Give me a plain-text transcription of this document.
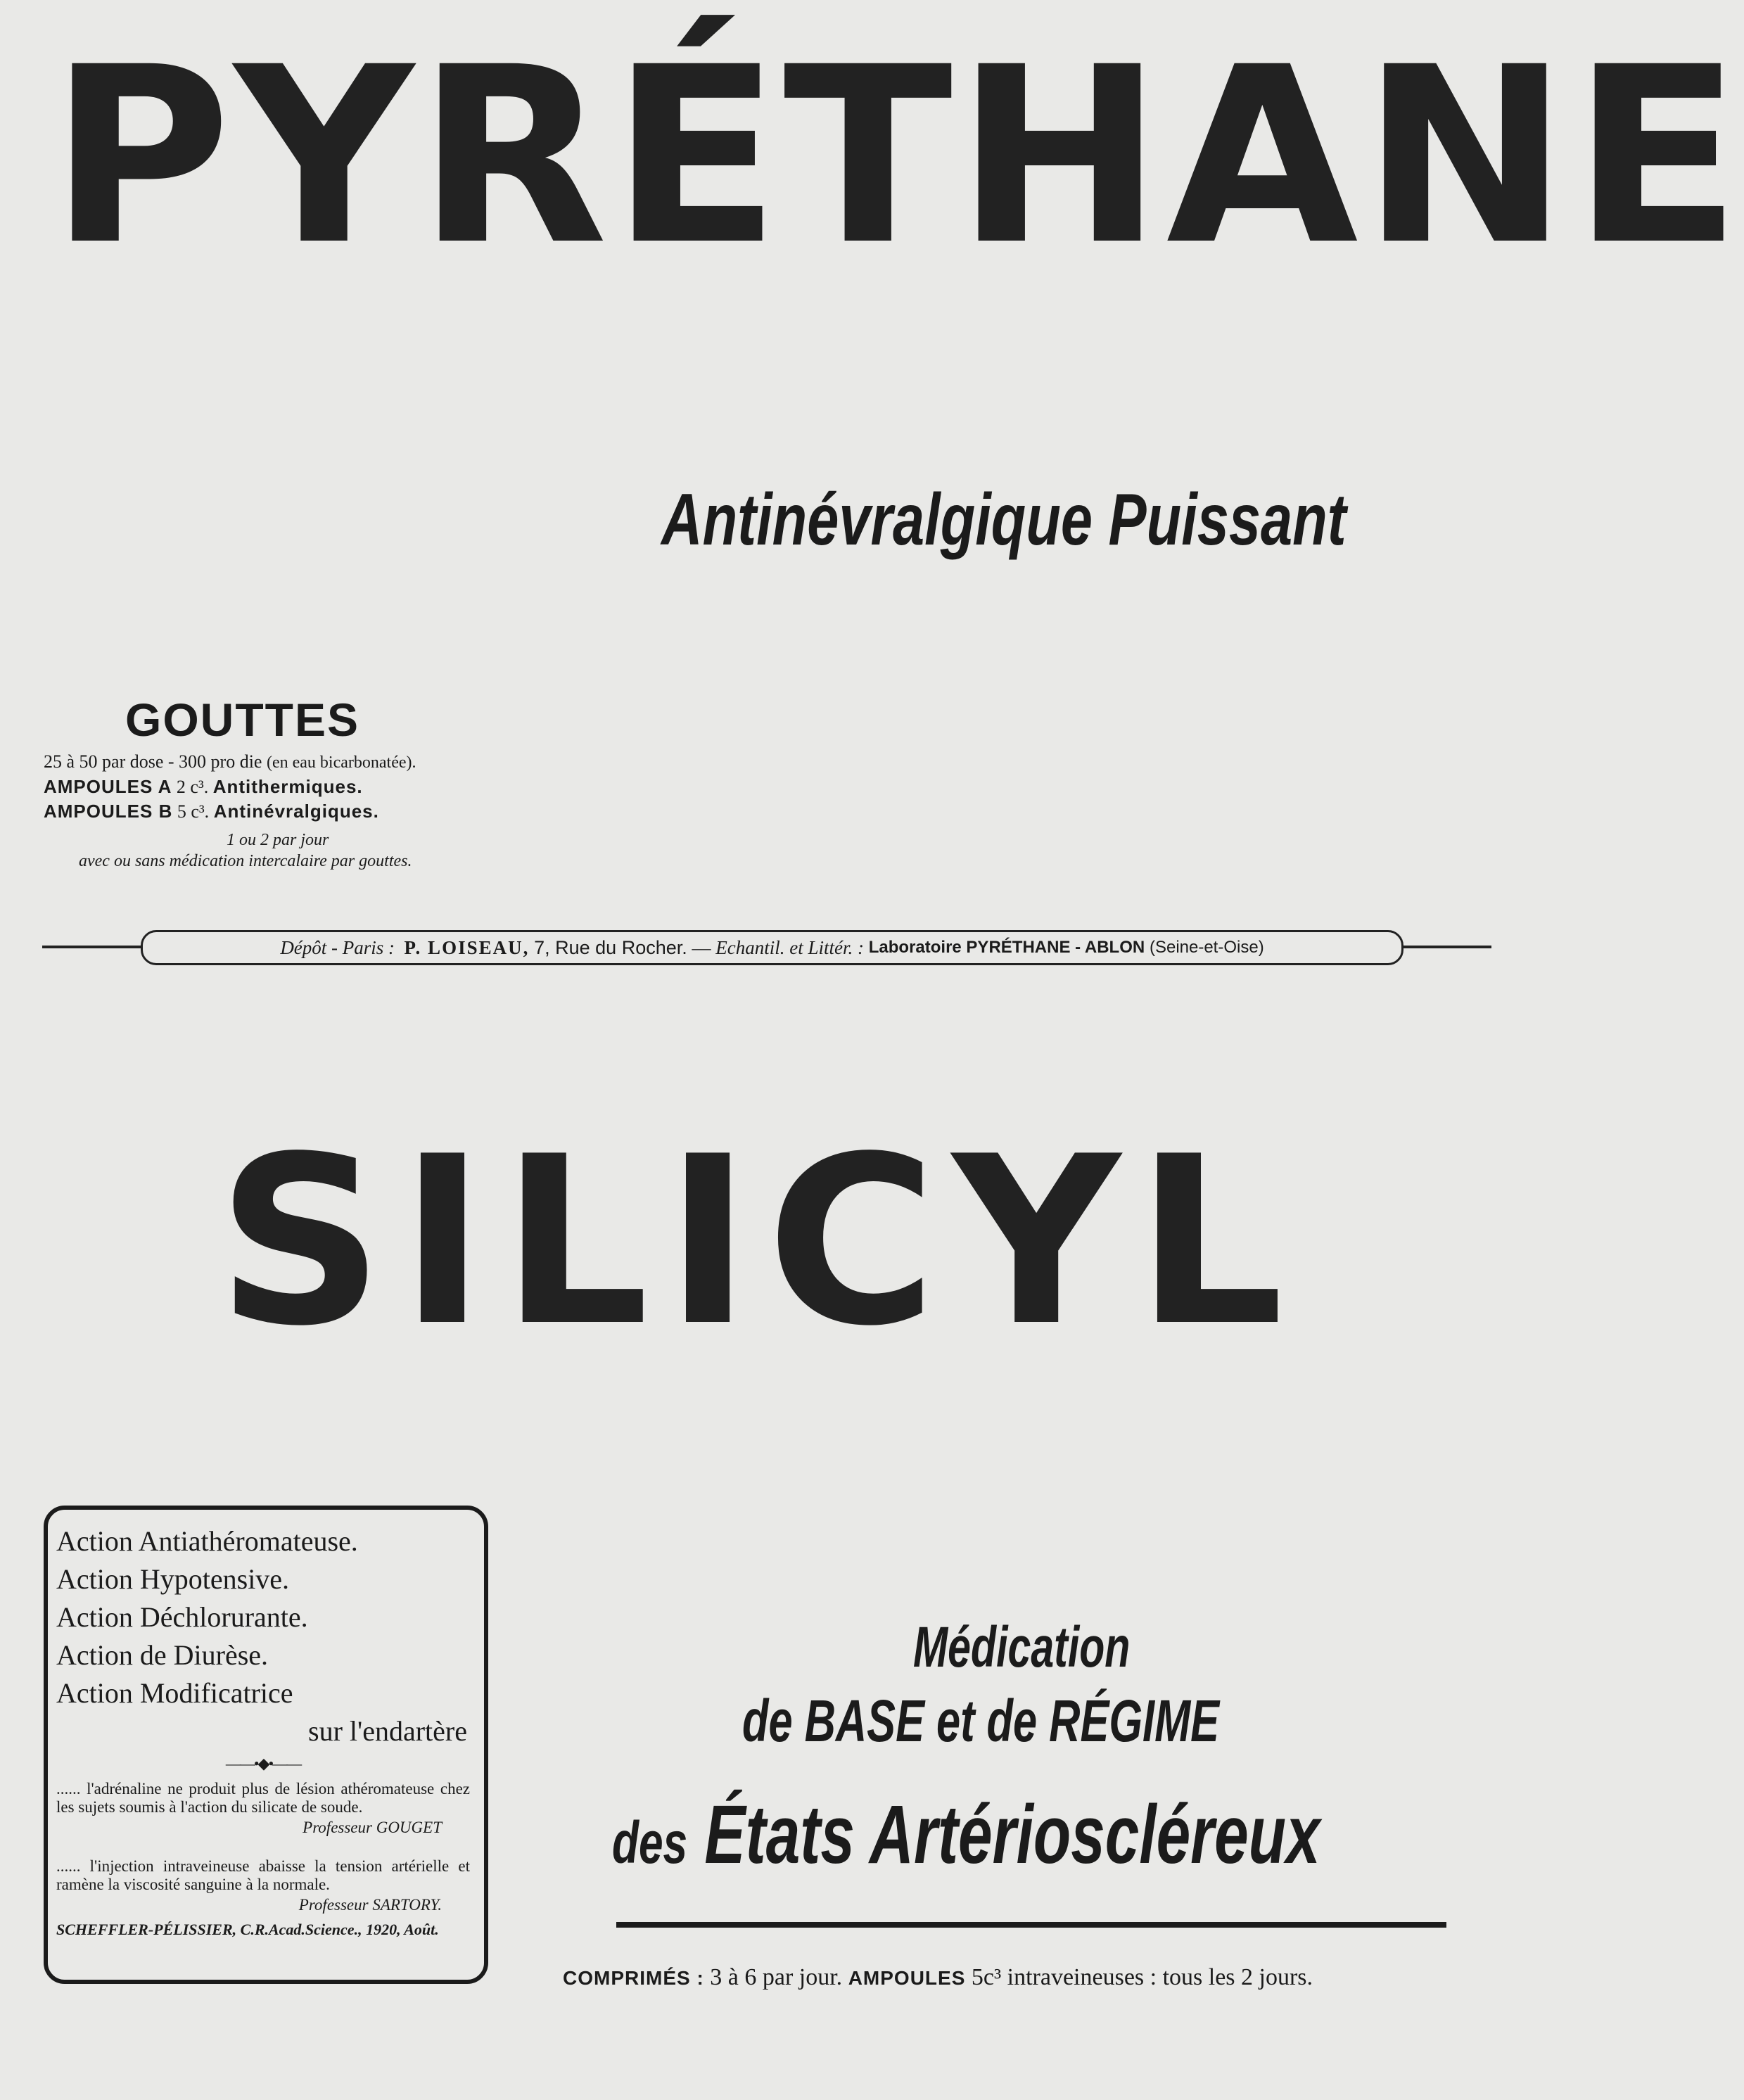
PYRÉTHANE
Antinévralgique Puissant
GOUTTES
25 à 50 par dose - 300 pro die (en eau bicarbonatée).
AMPOULES A 2 c³. Antithermiques.
AMPOULES B 5 c³. Antinévralgiques.
1 ou 2 par jour
avec ou sans médication intercalaire par gouttes.
Dépôt - Paris :
P. LOISEAU,
7, Rue du Rocher.
—
Echantil. et Littér. :
Laboratoire PYRÉTHANE - ABLON
(Seine-et-Oise)
SILICYL
Action Antiathéromateuse.
Action Hypotensive.
Action Déchlorurante.
Action de Diurèse.
Action Modificatrice
sur l'endartère
——•◆•——
...... l'adrénaline ne produit plus de lésion athéromateuse chez les sujets soumis à l'action du silicate de soude.
Professeur GOUGET
...... l'injection intraveineuse abaisse la tension artérielle et ramène la viscosité sanguine à la normale.
Professeur SARTORY.
SCHEFFLER-PÉLISSIER, C.R.Acad.Science., 1920, Août.
Médication
de BASE et de RÉGIME
des États Artérioscléreux
COMPRIMÉS : 3 à 6 par jour. AMPOULES 5c³ intraveineuses : tous les 2 jours.
